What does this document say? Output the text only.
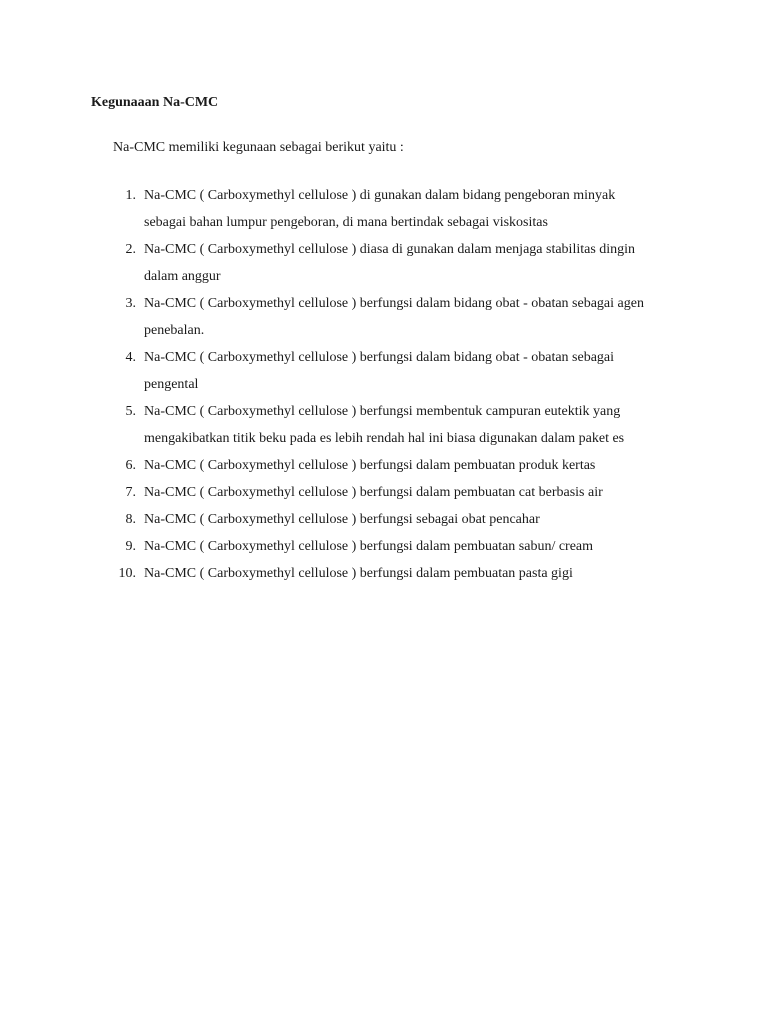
Kegunaaan Na-CMC
Na-CMC memiliki kegunaan sebagai berikut yaitu :
1. Na-CMC ( Carboxymethyl cellulose ) di gunakan dalam bidang pengeboran minyak
sebagai bahan lumpur pengeboran, di mana bertindak sebagai viskositas
2. Na-CMC ( Carboxymethyl cellulose ) diasa di gunakan dalam menjaga stabilitas dingin
dalam anggur
3. Na-CMC ( Carboxymethyl cellulose ) berfungsi dalam bidang obat - obatan sebagai agen
penebalan.
4. Na-CMC ( Carboxymethyl cellulose ) berfungsi dalam bidang obat - obatan sebagai
pengental
5. Na-CMC ( Carboxymethyl cellulose ) berfungsi membentuk campuran eutektik yang
mengakibatkan titik beku pada es lebih rendah hal ini biasa digunakan dalam paket es
6. Na-CMC ( Carboxymethyl cellulose ) berfungsi dalam pembuatan produk kertas
7. Na-CMC ( Carboxymethyl cellulose ) berfungsi dalam pembuatan cat berbasis air
8. Na-CMC ( Carboxymethyl cellulose ) berfungsi sebagai obat pencahar
9. Na-CMC ( Carboxymethyl cellulose ) berfungsi dalam pembuatan sabun/ cream
10. Na-CMC ( Carboxymethyl cellulose ) berfungsi dalam pembuatan pasta gigi
